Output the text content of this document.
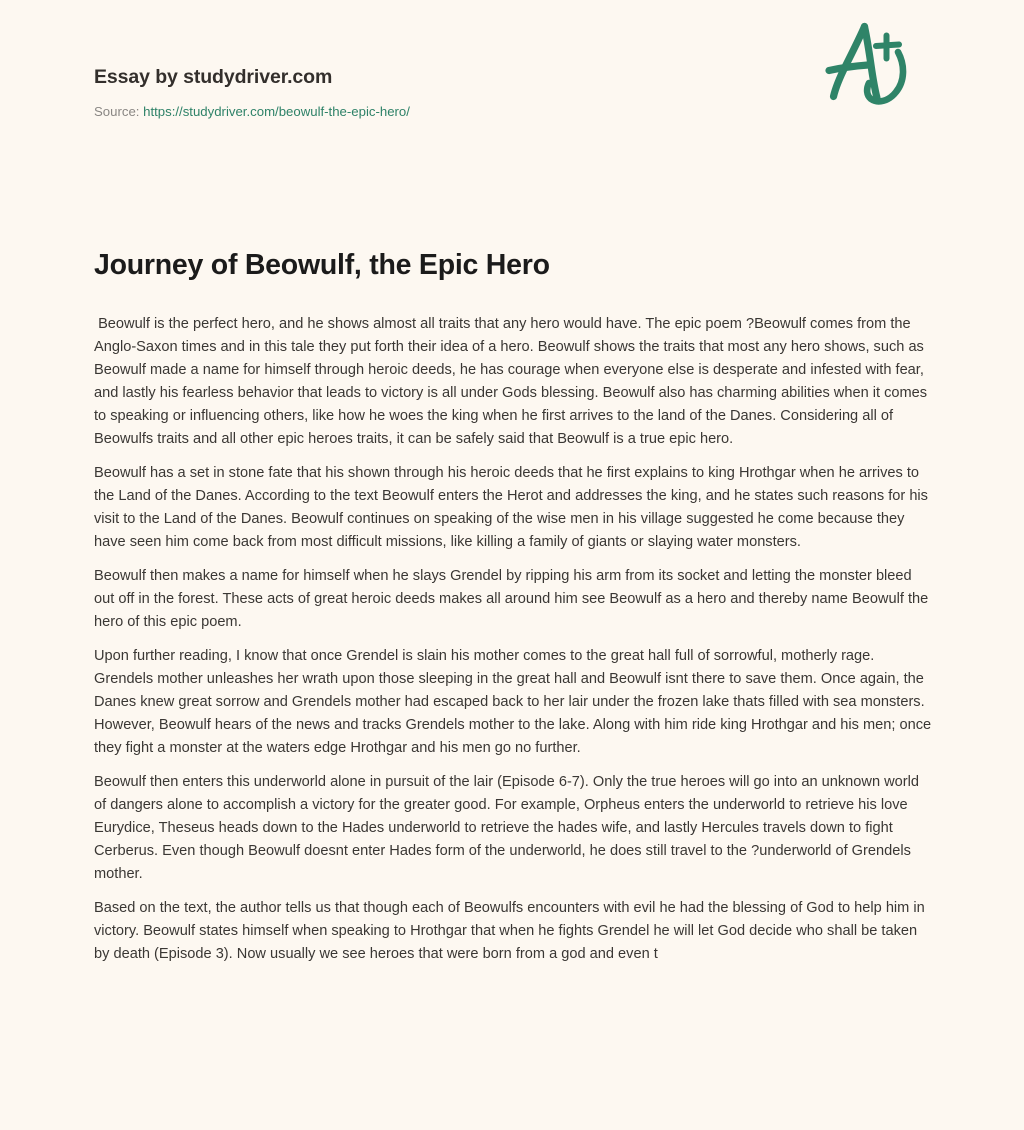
Essay by studydriver.com
Source: https://studydriver.com/beowulf-the-epic-hero/
Journey of Beowulf, the Epic Hero

Beowulf is the perfect hero, and he shows almost all traits that any hero would have. The epic poem ?Beowulf comes from the Anglo-Saxon times and in this tale they put forth their idea of a hero. Beowulf shows the traits that most any hero shows, such as Beowulf made a name for himself through heroic deeds, he has courage when everyone else is desperate and infested with fear, and lastly his fearless behavior that leads to victory is all under Gods blessing. Beowulf also has charming abilities when it comes to speaking or influencing others, like how he woes the king when he first arrives to the land of the Danes. Considering all of Beowulfs traits and all other epic heroes traits, it can be safely said that Beowulf is a true epic hero.

Beowulf has a set in stone fate that his shown through his heroic deeds that he first explains to king Hrothgar when he arrives to the Land of the Danes. According to the text Beowulf enters the Herot and addresses the king, and he states such reasons for his visit to the Land of the Danes. Beowulf continues on speaking of the wise men in his village suggested he come because they have seen him come back from most difficult missions, like killing a family of giants or slaying water monsters.

Beowulf then makes a name for himself when he slays Grendel by ripping his arm from its socket and letting the monster bleed out off in the forest. These acts of great heroic deeds makes all around him see Beowulf as a hero and thereby name Beowulf the hero of this epic poem.

Upon further reading, I know that once Grendel is slain his mother comes to the great hall full of sorrowful, motherly rage. Grendels mother unleashes her wrath upon those sleeping in the great hall and Beowulf isnt there to save them. Once again, the Danes knew great sorrow and Grendels mother had escaped back to her lair under the frozen lake thats filled with sea monsters. However, Beowulf hears of the news and tracks Grendels mother to the lake. Along with him ride king Hrothgar and his men; once they fight a monster at the waters edge Hrothgar and his men go no further.

Beowulf then enters this underworld alone in pursuit of the lair (Episode 6-7). Only the true heroes will go into an unknown world of dangers alone to accomplish a victory for the greater good. For example, Orpheus enters the underworld to retrieve his love Eurydice, Theseus heads down to the Hades underworld to retrieve the hades wife, and lastly Hercules travels down to fight Cerberus. Even though Beowulf doesnt enter Hades form of the underworld, he does still travel to the ?underworld of Grendels mother.

Based on the text, the author tells us that though each of Beowulfs encounters with evil he had the blessing of God to help him in victory. Beowulf states himself when speaking to Hrothgar that when he fights Grendel he will let God decide who shall be taken by death (Episode 3). Now usually we see heroes that were born from a god and even t
